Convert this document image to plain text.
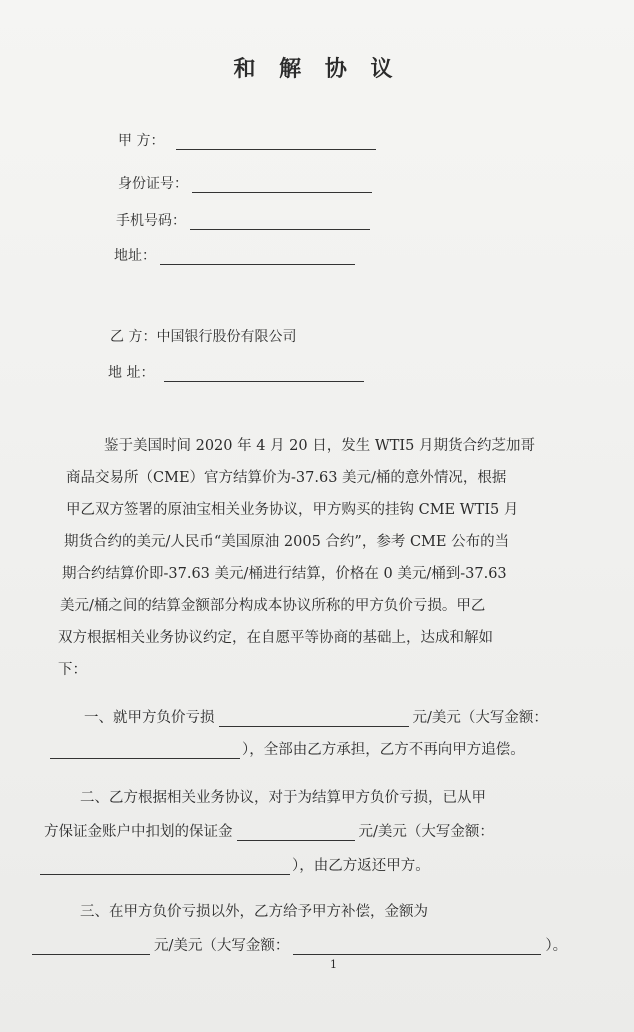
和 解 协 议
甲 方：
身份证号：
手机号码：
地址：
乙 方： 中国银行股份有限公司
地 址：
鉴于美国时间 2020 年 4 月 20 日，发生 WTI5 月期货合约芝加哥
商品交易所（CME）官方结算价为-37.63 美元/桶的意外情况，根据
甲乙双方签署的原油宝相关业务协议，甲方购买的挂钩 CME WTI5 月
期货合约的美元/人民币“美国原油 2005 合约”，参考 CME 公布的当
期合约结算价即-37.63 美元/桶进行结算，价格在 0 美元/桶到-37.63
美元/桶之间的结算金额部分构成本协议所称的甲方负价亏损。甲乙
双方根据相关业务协议约定，在自愿平等协商的基础上，达成和解如
下：
一、就甲方负价亏损	元/美元（大写金额：
），全部由乙方承担，乙方不再向甲方追偿。
二、乙方根据相关业务协议，对于为结算甲方负价亏损，已从甲
方保证金账户中扣划的保证金	元/美元（大写金额：
），由乙方返还甲方。
三、在甲方负价亏损以外，乙方给予甲方补偿，金额为
元/美元（大写金额：	）。
1
